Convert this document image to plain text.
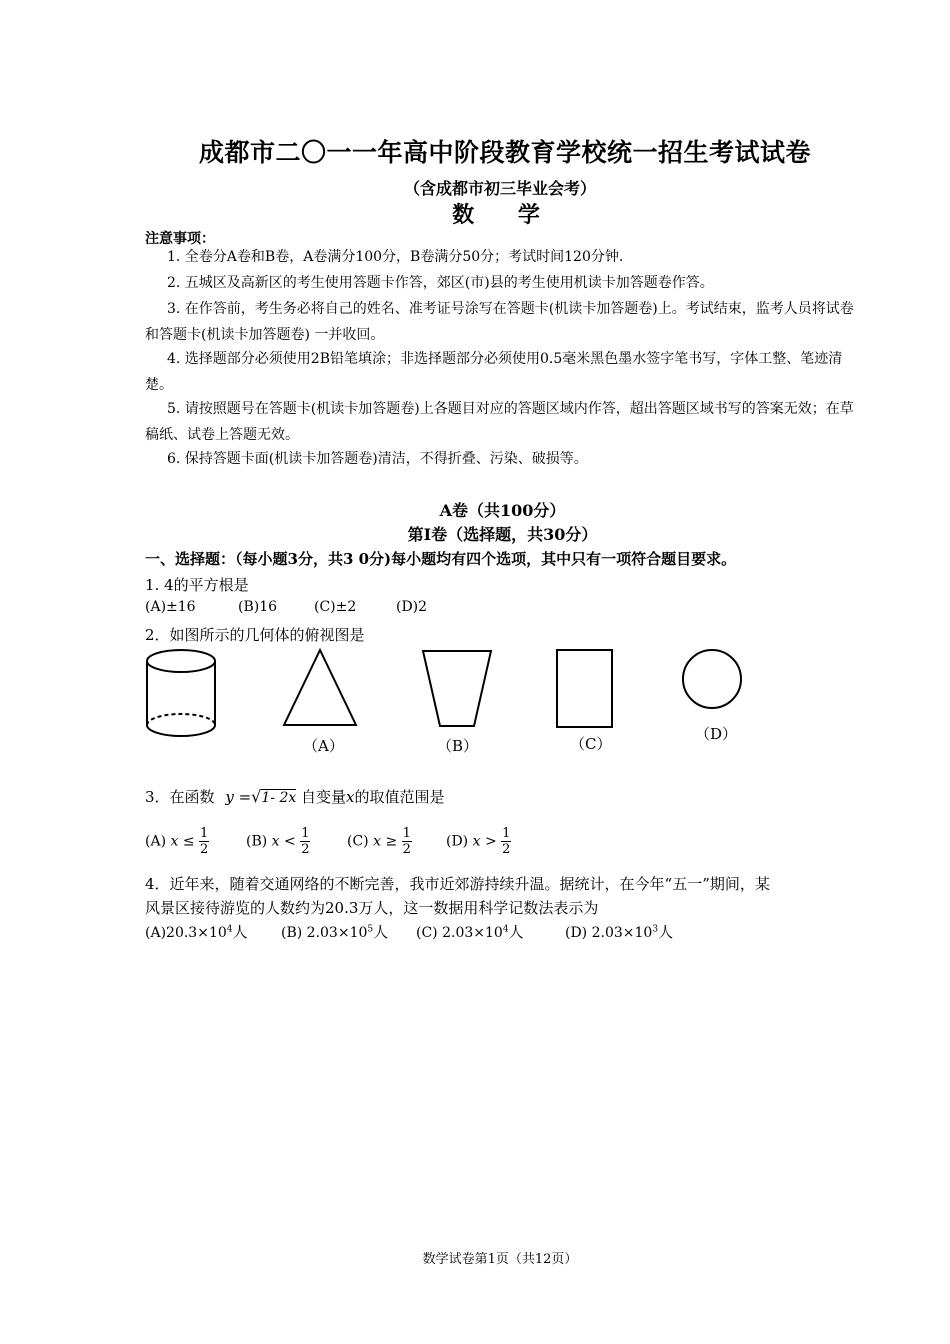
成都市二〇一一年高中阶段教育学校统一招生考试试卷
（含成都市初三毕业会考）
数 学
注意事项：
1. 全卷分A卷和B卷，A卷满分100分，B卷满分50分；考试时间120分钟.
2. 五城区及高新区的考生使用答题卡作答，郊区(市)县的考生使用机读卡加答题卷作答。
3. 在作答前，考生务必将自己的姓名、准考证号涂写在答题卡(机读卡加答题卷)上。考试结束，监考人员将试卷和答题卡(机读卡加答题卷) 一并收回。
4. 选择题部分必须使用2B铅笔填涂；非选择题部分必须使用0.5毫米黑色墨水签字笔书写，字体工整、笔迹清楚。
5. 请按照题号在答题卡(机读卡加答题卷)上各题目对应的答题区域内作答，超出答题区域书写的答案无效；在草稿纸、试卷上答题无效。
6. 保持答题卡面(机读卡加答题卷)清洁，不得折叠、污染、破损等。
A卷（共100分）
第Ⅰ卷（选择题，共30分）
一、选择题：（每小题3分，共3 0分)每小题均有四个选项，其中只有一项符合题目要求。
1. 4的平方根是
(A)±16	(B)16	(C)±2	(D)2
2．如图所示的几何体的俯视图是
（A）	（B）	（C）
（D）
3．在函数 y =√1- 2x 自变量x的取值范围是
(A) $x \le \frac{1}{2}$	(B) $x < \frac{1}{2}$	(C) $x \ge \frac{1}{2} (D) x > \frac{1}{2}$
4．近年来，随着交通网络的不断完善，我市近郊游持续升温。据统计，在今年“五一”期间，某
风景区接待游览的人数约为20.3万人，这一数据用科学记数法表示为
$(A)20.3\times 10^4$人 (B) $2.03\times 10^5$人 (C) $2.03\times 10^4$人	(D) $2.03\times 10^3$人
数学试卷第1页（共12页）
